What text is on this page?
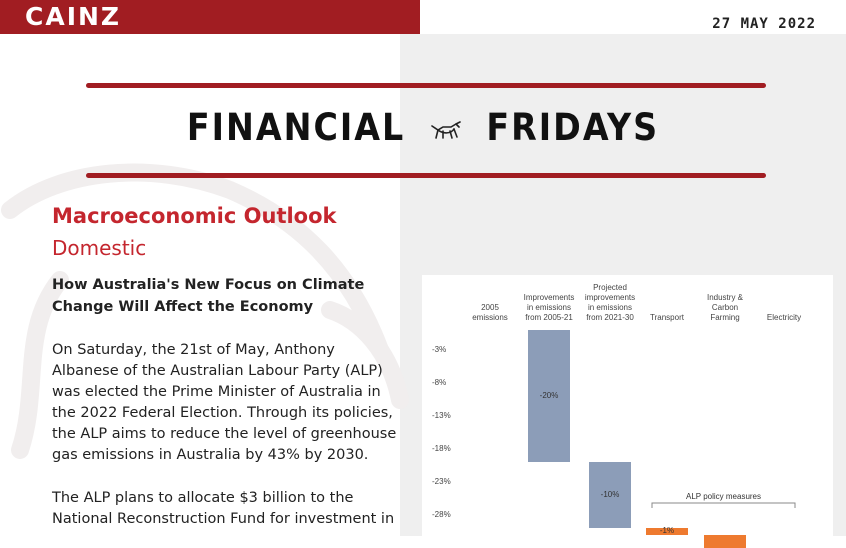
CAINZ	27 MAY 2022
FINANCIAL FRIDAYS
Macroeconomic Outlook
Domestic
How Australia's New Focus on Climate Change Will Affect the Economy
On Saturday, the 21st of May, Anthony
Albanese of the Australian Labour Party (ALP)
was elected the Prime Minister of Australia in
the 2022 Federal Election. Through its policies,
the ALP aims to reduce the level of greenhouse
gas emissions in Australia by 43% by 2030.
The ALP plans to allocate $3 billion to the
National Reconstruction Fund for investment in
2005
emissions
Improvements
in emissions
from 2005-21
Projected
improvements
in emissions
from 2021-30	Transport
Industry &
Carbon
Farming	Electricity
-3%
-8%
-13%
-18%
-23%
-28%
-20%
-10%
-1%
ALP policy measures
